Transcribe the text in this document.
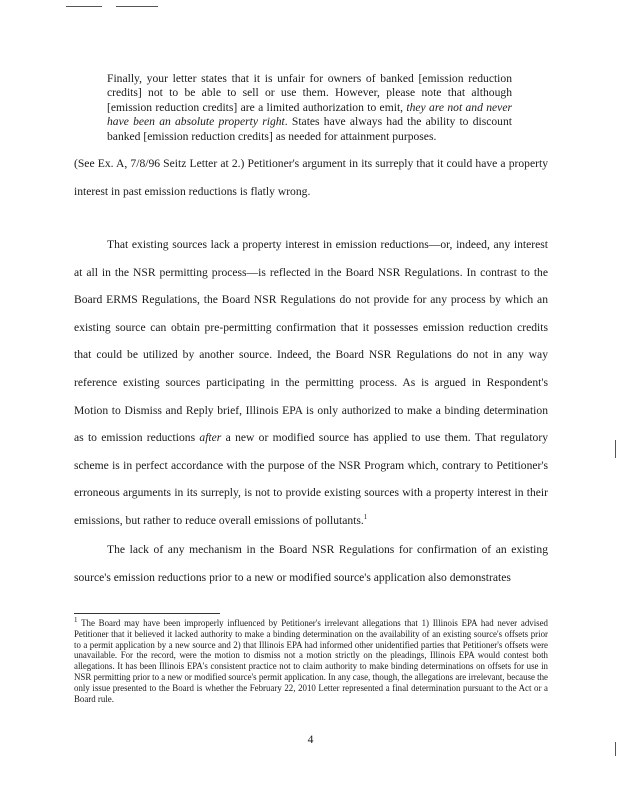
Finally, your letter states that it is unfair for owners of banked [emission reduction credits] not to be able to sell or use them. However, please note that although [emission reduction credits] are a limited authorization to emit, they are not and never have been an absolute property right. States have always had the ability to discount banked [emission reduction credits] as needed for attainment purposes.

(See Ex. A, 7/8/96 Seitz Letter at 2.) Petitioner's argument in its surreply that it could have a property interest in past emission reductions is flatly wrong.

That existing sources lack a property interest in emission reductions—or, indeed, any interest at all in the NSR permitting process—is reflected in the Board NSR Regulations. In contrast to the Board ERMS Regulations, the Board NSR Regulations do not provide for any process by which an existing source can obtain pre-permitting confirmation that it possesses emission reduction credits that could be utilized by another source. Indeed, the Board NSR Regulations do not in any way reference existing sources participating in the permitting process. As is argued in Respondent's Motion to Dismiss and Reply brief, Illinois EPA is only authorized to make a binding determination as to emission reductions after a new or modified source has applied to use them. That regulatory scheme is in perfect accordance with the purpose of the NSR Program which, contrary to Petitioner's erroneous arguments in its surreply, is not to provide existing sources with a property interest in their emissions, but rather to reduce overall emissions of pollutants.$^1$

The lack of any mechanism in the Board NSR Regulations for confirmation of an existing source's emission reductions prior to a new or modified source's application also demonstrates

$^1$ The Board may have been improperly influenced by Petitioner's irrelevant allegations that 1) Illinois EPA had never advised Petitioner that it believed it lacked authority to make a binding determination on the availability of an existing source's offsets prior to a permit application by a new source and 2) that Illinois EPA had informed other unidentified parties that Petitioner's offsets were unavailable. For the record, were the motion to dismiss not a motion strictly on the pleadings, Illinois EPA would contest both allegations. It has been Illinois EPA's consistent practice not to claim authority to make binding determinations on offsets for use in NSR permitting prior to a new or modified source's permit application. In any case, though, the allegations are irrelevant, because the only issue presented to the Board is whether the February 22, 2010 Letter represented a final determination pursuant to the Act or a Board rule.

4
